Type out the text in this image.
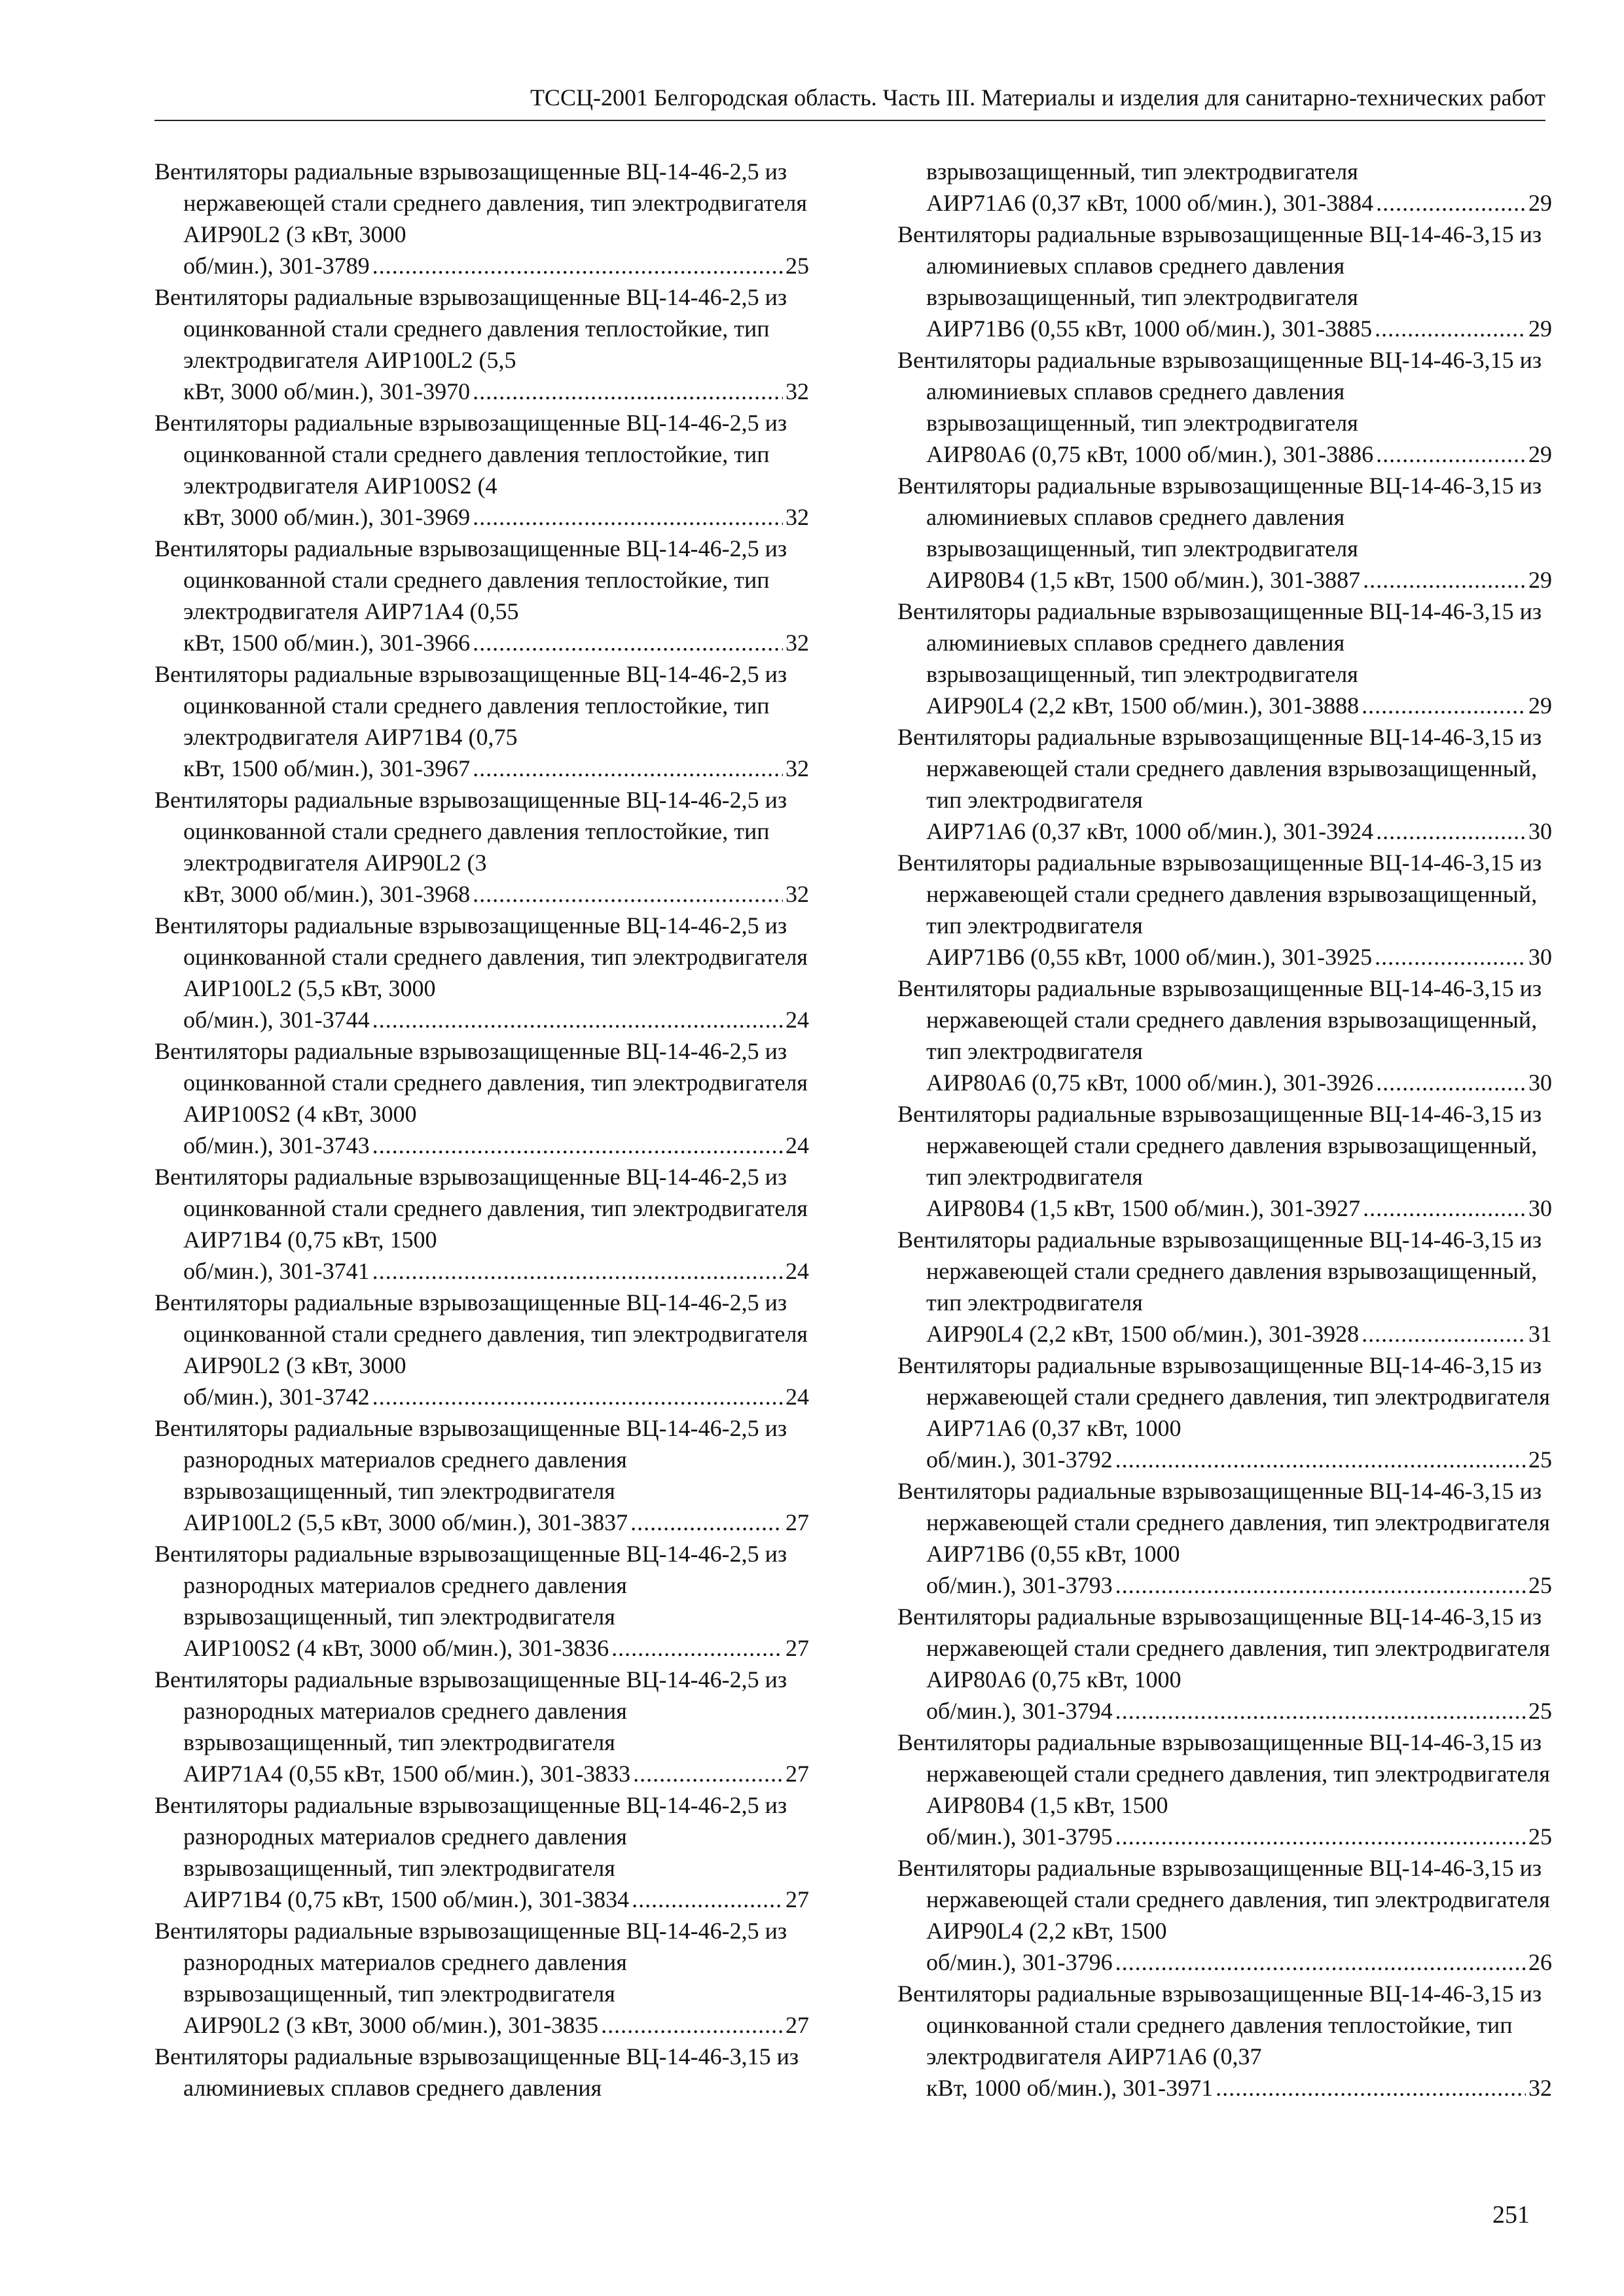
ТССЦ-2001 Белгородская область. Часть III. Материалы и изделия для санитарно-технических работ
Вентиляторы радиальные взрывозащищенные ВЦ-14-46-2,5 из нержавеющей стали среднего давления, тип электродвигателя АИР90L2 (3 кВт, 3000
об/мин.), 301-3789 .....	25
Вентиляторы радиальные взрывозащищенные ВЦ-14-46-2,5 из оцинкованной стали среднего давления теплостойкие, тип электродвигателя АИР100L2 (5,5
кВт, 3000 об/мин.), 301-3970 .....	32
Вентиляторы радиальные взрывозащищенные ВЦ-14-46-2,5 из оцинкованной стали среднего давления теплостойкие, тип электродвигателя АИР100S2 (4
кВт, 3000 об/мин.), 301-3969 .....	32
Вентиляторы радиальные взрывозащищенные ВЦ-14-46-2,5 из оцинкованной стали среднего давления теплостойкие, тип электродвигателя АИР71А4 (0,55
кВт, 1500 об/мин.), 301-3966 .....	32
Вентиляторы радиальные взрывозащищенные ВЦ-14-46-2,5 из оцинкованной стали среднего давления теплостойкие, тип электродвигателя АИР71В4 (0,75
кВт, 1500 об/мин.), 301-3967 .....	32
Вентиляторы радиальные взрывозащищенные ВЦ-14-46-2,5 из оцинкованной стали среднего давления теплостойкие, тип электродвигателя АИР90L2 (3
кВт, 3000 об/мин.), 301-3968 .....	32
Вентиляторы радиальные взрывозащищенные ВЦ-14-46-2,5 из оцинкованной стали среднего давления, тип электродвигателя АИР100L2 (5,5 кВт, 3000
об/мин.), 301-3744 .....	24
Вентиляторы радиальные взрывозащищенные ВЦ-14-46-2,5 из оцинкованной стали среднего давления, тип электродвигателя АИР100S2 (4 кВт, 3000
об/мин.), 301-3743 .....	24
Вентиляторы радиальные взрывозащищенные ВЦ-14-46-2,5 из оцинкованной стали среднего давления, тип электродвигателя АИР71В4 (0,75 кВт, 1500
об/мин.), 301-3741 .....	24
Вентиляторы радиальные взрывозащищенные ВЦ-14-46-2,5 из оцинкованной стали среднего давления, тип электродвигателя АИР90L2 (3 кВт, 3000
об/мин.), 301-3742 .....	24
Вентиляторы радиальные взрывозащищенные ВЦ-14-46-2,5 из разнородных материалов среднего давления взрывозащищенный, тип электродвигателя
АИР100L2 (5,5 кВт, 3000 об/мин.), 301-3837 .....	27
Вентиляторы радиальные взрывозащищенные ВЦ-14-46-2,5 из разнородных материалов среднего давления взрывозащищенный, тип электродвигателя
АИР100S2 (4 кВт, 3000 об/мин.), 301-3836 .....	27
Вентиляторы радиальные взрывозащищенные ВЦ-14-46-2,5 из разнородных материалов среднего давления взрывозащищенный, тип электродвигателя
АИР71А4 (0,55 кВт, 1500 об/мин.), 301-3833 .....	27
Вентиляторы радиальные взрывозащищенные ВЦ-14-46-2,5 из разнородных материалов среднего давления взрывозащищенный, тип электродвигателя
АИР71В4 (0,75 кВт, 1500 об/мин.), 301-3834 .....	27
Вентиляторы радиальные взрывозащищенные ВЦ-14-46-2,5 из разнородных материалов среднего давления взрывозащищенный, тип электродвигателя
АИР90L2 (3 кВт, 3000 об/мин.), 301-3835 .....	27
Вентиляторы радиальные взрывозащищенные ВЦ-14-46-3,15 из алюминиевых сплавов среднего давления
взрывозащищенный, тип электродвигателя
АИР71А6 (0,37 кВт, 1000 об/мин.), 301-3884 .....	29
Вентиляторы радиальные взрывозащищенные ВЦ-14-46-3,15 из алюминиевых сплавов среднего давления взрывозащищенный, тип электродвигателя
АИР71В6 (0,55 кВт, 1000 об/мин.), 301-3885 .....	29
Вентиляторы радиальные взрывозащищенные ВЦ-14-46-3,15 из алюминиевых сплавов среднего давления взрывозащищенный, тип электродвигателя
АИР80А6 (0,75 кВт, 1000 об/мин.), 301-3886 .....	29
Вентиляторы радиальные взрывозащищенные ВЦ-14-46-3,15 из алюминиевых сплавов среднего давления взрывозащищенный, тип электродвигателя
АИР80В4 (1,5 кВт, 1500 об/мин.), 301-3887 .....	29
Вентиляторы радиальные взрывозащищенные ВЦ-14-46-3,15 из алюминиевых сплавов среднего давления взрывозащищенный, тип электродвигателя
АИР90L4 (2,2 кВт, 1500 об/мин.), 301-3888 .....	29
Вентиляторы радиальные взрывозащищенные ВЦ-14-46-3,15 из нержавеющей стали среднего давления взрывозащищенный, тип электродвигателя
АИР71А6 (0,37 кВт, 1000 об/мин.), 301-3924 .....	30
Вентиляторы радиальные взрывозащищенные ВЦ-14-46-3,15 из нержавеющей стали среднего давления взрывозащищенный, тип электродвигателя
АИР71В6 (0,55 кВт, 1000 об/мин.), 301-3925 .....	30
Вентиляторы радиальные взрывозащищенные ВЦ-14-46-3,15 из нержавеющей стали среднего давления взрывозащищенный, тип электродвигателя
АИР80А6 (0,75 кВт, 1000 об/мин.), 301-3926 .....	30
Вентиляторы радиальные взрывозащищенные ВЦ-14-46-3,15 из нержавеющей стали среднего давления взрывозащищенный, тип электродвигателя
АИР80В4 (1,5 кВт, 1500 об/мин.), 301-3927 .....	30
Вентиляторы радиальные взрывозащищенные ВЦ-14-46-3,15 из нержавеющей стали среднего давления взрывозащищенный, тип электродвигателя
АИР90L4 (2,2 кВт, 1500 об/мин.), 301-3928 .....	31
Вентиляторы радиальные взрывозащищенные ВЦ-14-46-3,15 из нержавеющей стали среднего давления, тип электродвигателя АИР71А6 (0,37 кВт, 1000
об/мин.), 301-3792 .....	25
Вентиляторы радиальные взрывозащищенные ВЦ-14-46-3,15 из нержавеющей стали среднего давления, тип электродвигателя АИР71В6 (0,55 кВт, 1000
об/мин.), 301-3793 .....	25
Вентиляторы радиальные взрывозащищенные ВЦ-14-46-3,15 из нержавеющей стали среднего давления, тип электродвигателя АИР80А6 (0,75 кВт, 1000
об/мин.), 301-3794 .....	25
Вентиляторы радиальные взрывозащищенные ВЦ-14-46-3,15 из нержавеющей стали среднего давления, тип электродвигателя АИР80В4 (1,5 кВт, 1500
об/мин.), 301-3795 .....	25
Вентиляторы радиальные взрывозащищенные ВЦ-14-46-3,15 из нержавеющей стали среднего давления, тип электродвигателя АИР90L4 (2,2 кВт, 1500
об/мин.), 301-3796 .....	26
Вентиляторы радиальные взрывозащищенные ВЦ-14-46-3,15 из оцинкованной стали среднего давления теплостойкие, тип электродвигателя АИР71А6 (0,37
кВт, 1000 об/мин.), 301-3971 .....	32
251
